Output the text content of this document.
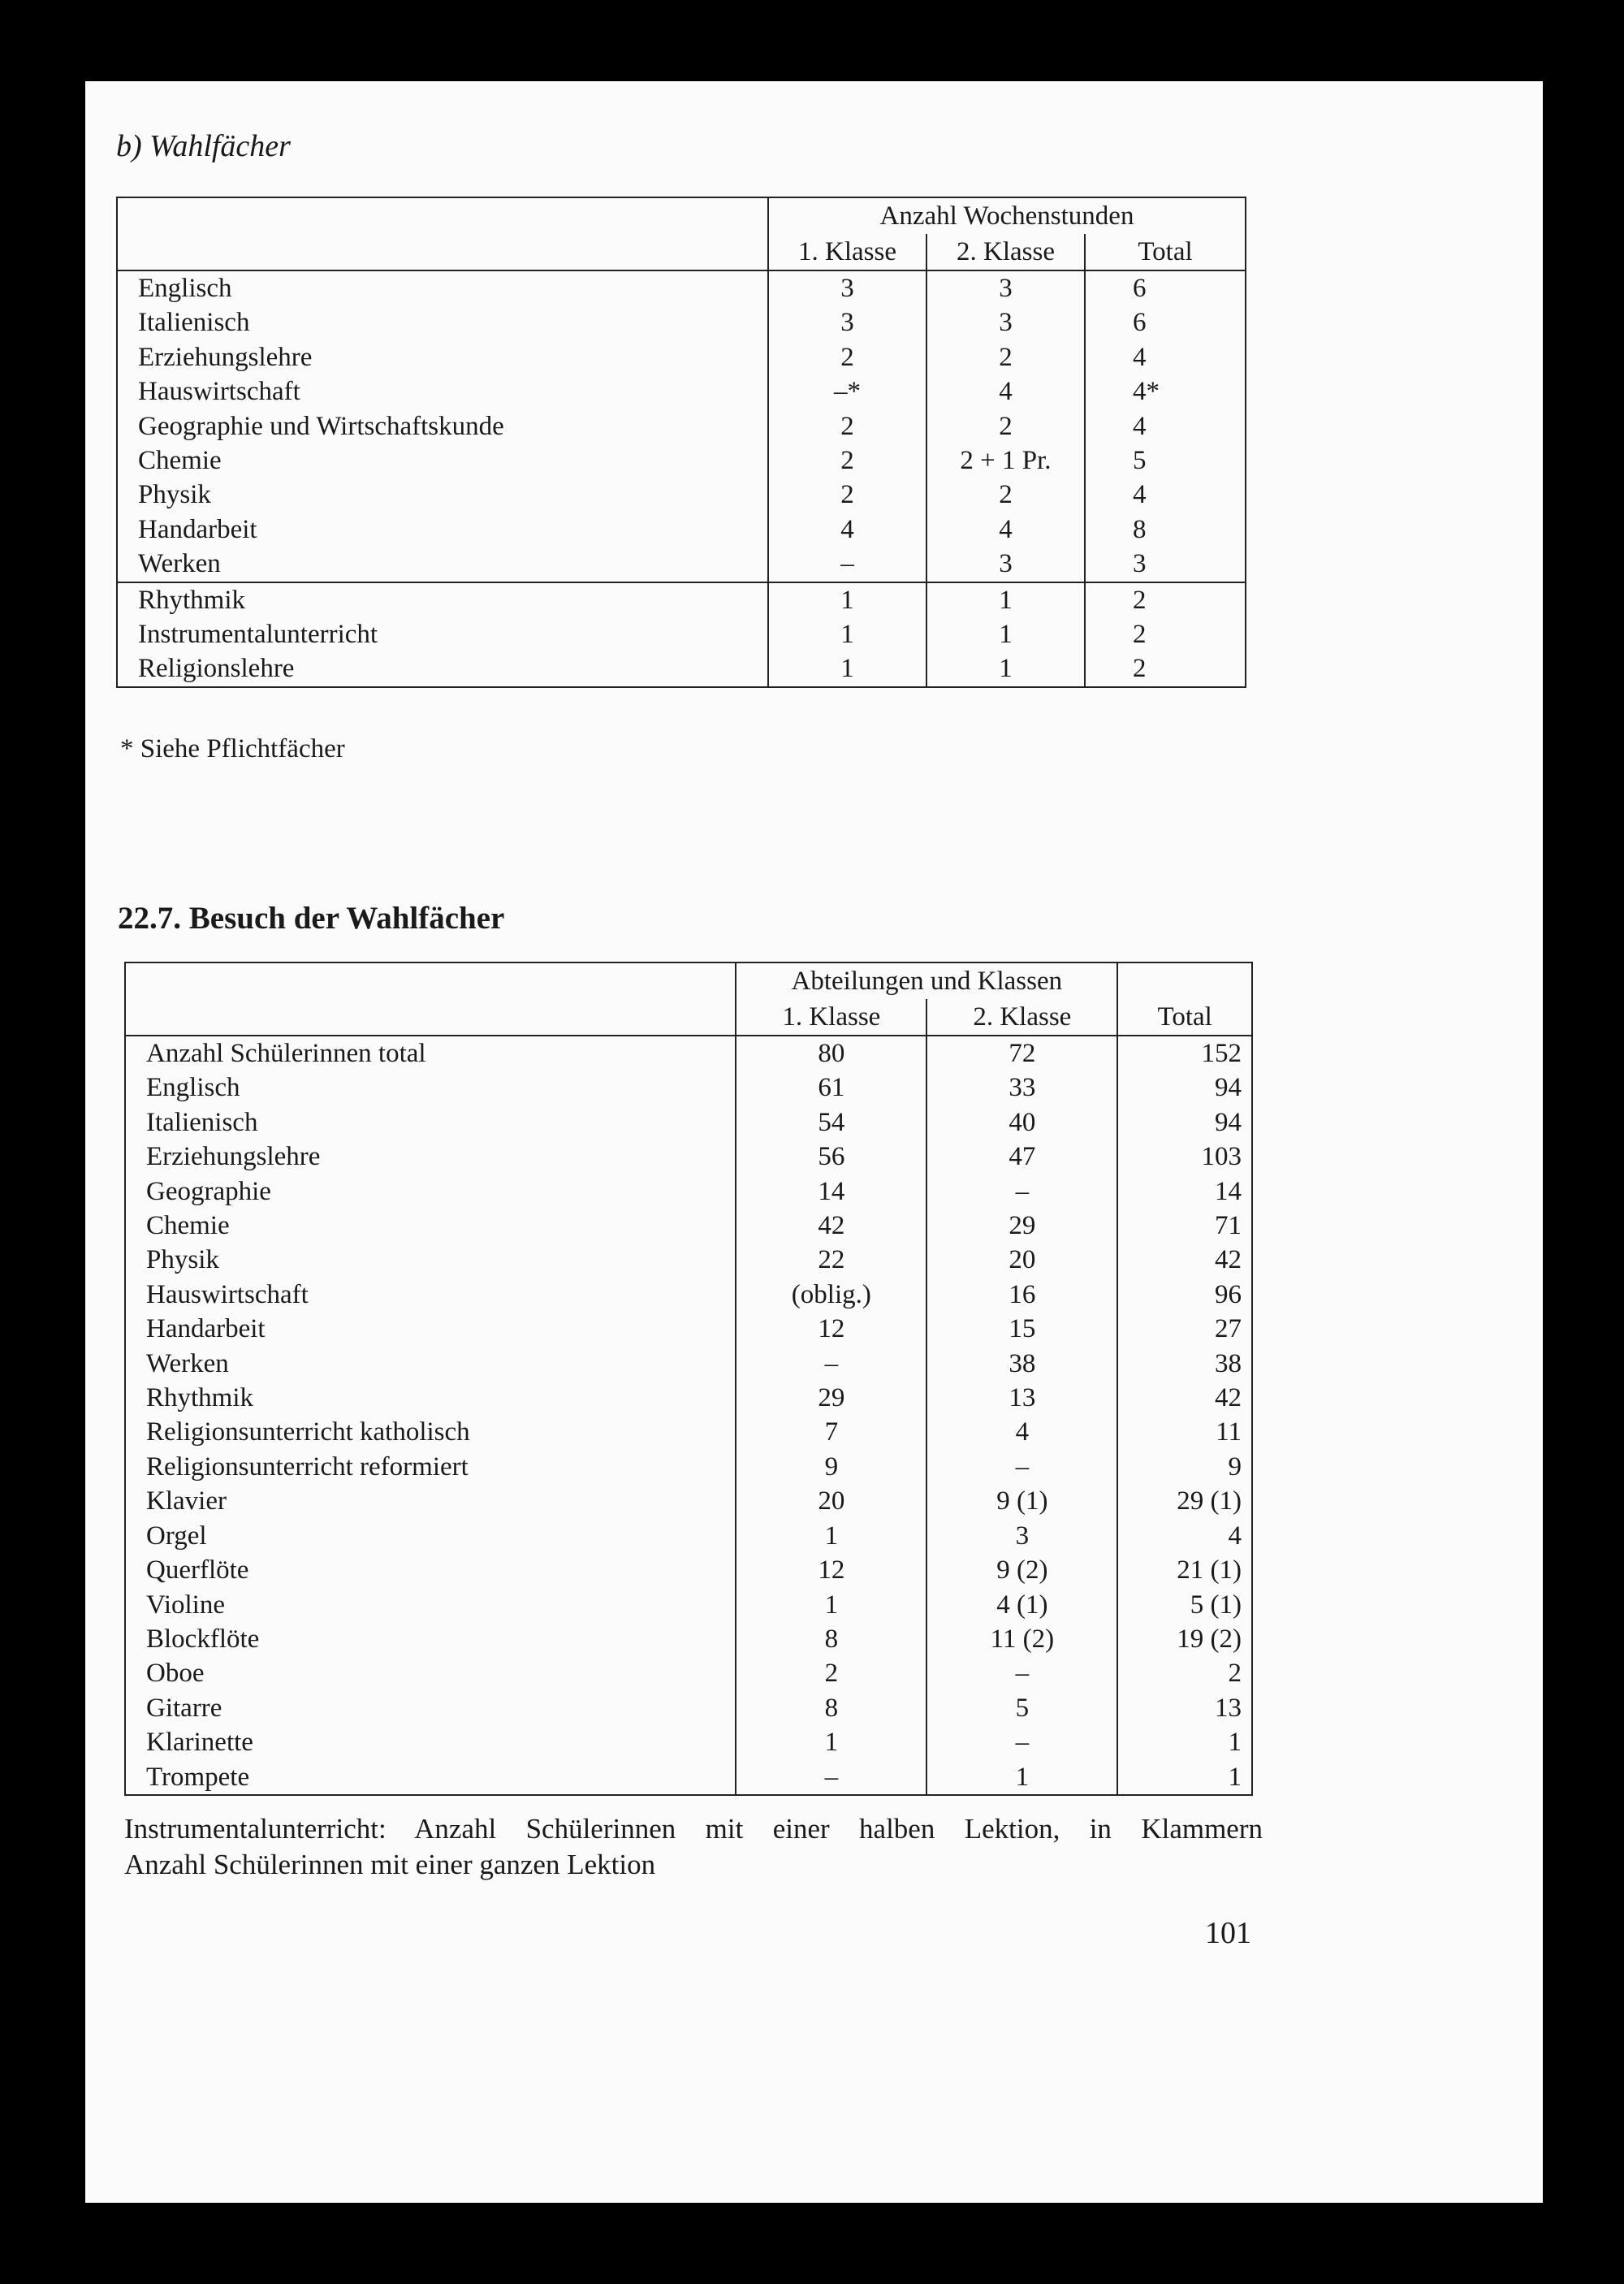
b) Wahlfächer
	Anzahl Wochenstunden		
	1. Klasse	2. Klasse	Total
Englisch	3	3	6
Italienisch	3	3	6
Erziehungslehre	2	2	4
Hauswirtschaft	–*	4	4*
Geographie und Wirtschaftskunde	2	2	4
Chemie	2	2 + 1 Pr.	5
Physik	2	2	4
Handarbeit	4	4	8
Werken	–	3	3
Rhythmik	1	1	2
Instrumentalunterricht	1	1	2
Religionslehre	1	1	2
* Siehe Pflichtfächer
22.7. Besuch der Wahlfächer
	Abteilungen und Klassen		Total
	1. Klasse	2. Klasse	
Anzahl Schülerinnen total	80	72	152
Englisch	61	33	94
Italienisch	54	40	94
Erziehungslehre	56	47	103
Geographie	14	–	14
Chemie	42	29	71
Physik	22	20	42
Hauswirtschaft	(oblig.)	16	96
Handarbeit	12	15	27
Werken	–	38	38
Rhythmik	29	13	42
Religionsunterricht katholisch	7	4	11
Religionsunterricht reformiert	9	–	9
Klavier	20	9 (1)	29 (1)
Orgel	1	3	4
Querflöte	12	9 (2)	21 (1)
Violine	1	4 (1)	5 (1)
Blockflöte	8	11 (2)	19 (2)
Oboe	2	–	2
Gitarre	8	5	13
Klarinette	1	–	1
Trompete	–	1	1
Instrumentalunterricht: Anzahl Schülerinnen mit einer halben Lektion, in Klammern
Anzahl Schülerinnen mit einer ganzen Lektion
101
